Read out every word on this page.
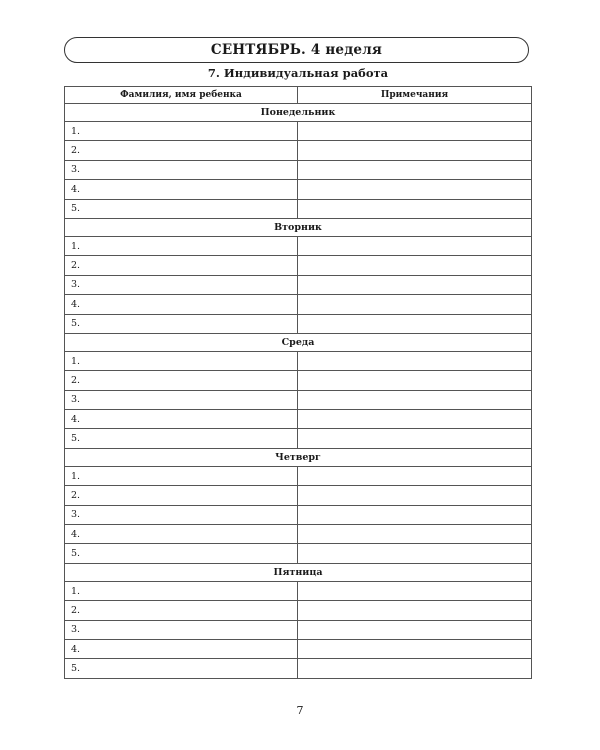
СЕНТЯБРЬ. 4 неделя
7. Индивидуальная работа
Фамилия, имя ребенка	Примечания
Понедельник	
1.	
2.	
3.	
4.	
5.	
Вторник	
1.	
2.	
3.	
4.	
5.	
Среда	
1.	
2.	
3.	
4.	
5.	
Четверг	
1.	
2.	
3.	
4.	
5.	
Пятница	
1.	
2.	
3.	
4.	
5.	
7
